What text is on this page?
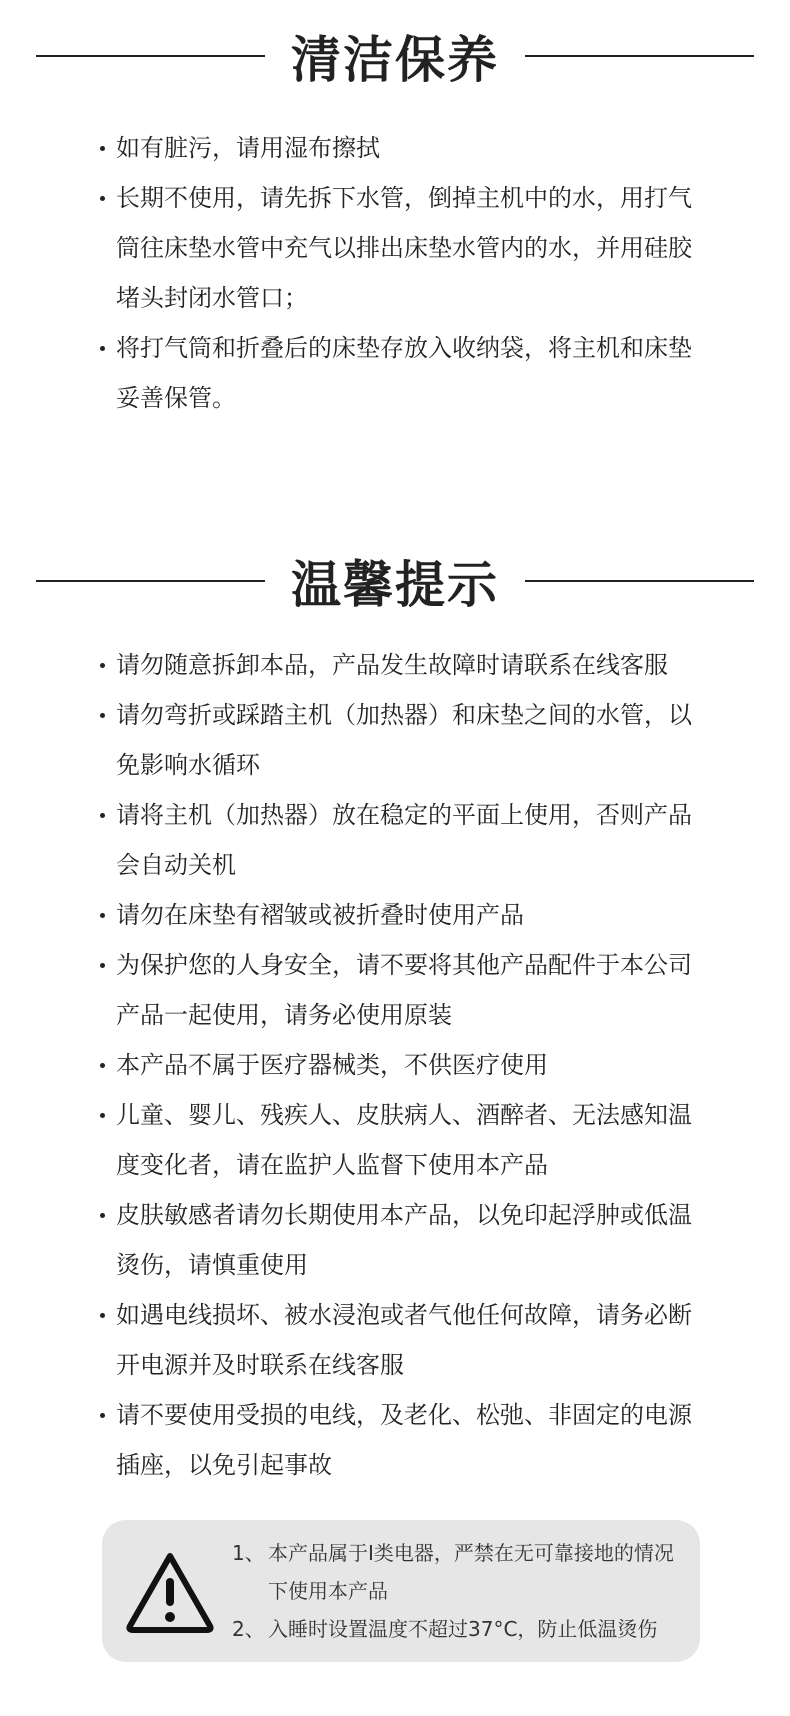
清洁保养
如有脏污，请用湿布擦拭
长期不使用，请先拆下水管，倒掉主机中的水，用打气筒往床垫水管中充气以排出床垫水管内的水，并用硅胶堵头封闭水管口；
将打气筒和折叠后的床垫存放入收纳袋，将主机和床垫妥善保管。
温馨提示
请勿随意拆卸本品，产品发生故障时请联系在线客服
请勿弯折或踩踏主机（加热器）和床垫之间的水管，以免影响水循环
请将主机（加热器）放在稳定的平面上使用，否则产品会自动关机
请勿在床垫有褶皱或被折叠时使用产品
为保护您的人身安全，请不要将其他产品配件于本公司产品一起使用，请务必使用原装
本产品不属于医疗器械类，不供医疗使用
儿童、婴儿、残疾人、皮肤病人、酒醉者、无法感知温度变化者，请在监护人监督下使用本产品
皮肤敏感者请勿长期使用本产品，以免印起浮肿或低温烫伤，请慎重使用
如遇电线损坏、被水浸泡或者气他任何故障，请务必断开电源并及时联系在线客服
请不要使用受损的电线，及老化、松弛、非固定的电源插座，以免引起事故
1、 本产品属于I类电器，严禁在无可靠接地的情况下使用本产品
2、 入睡时设置温度不超过37°C，防止低温烫伤
